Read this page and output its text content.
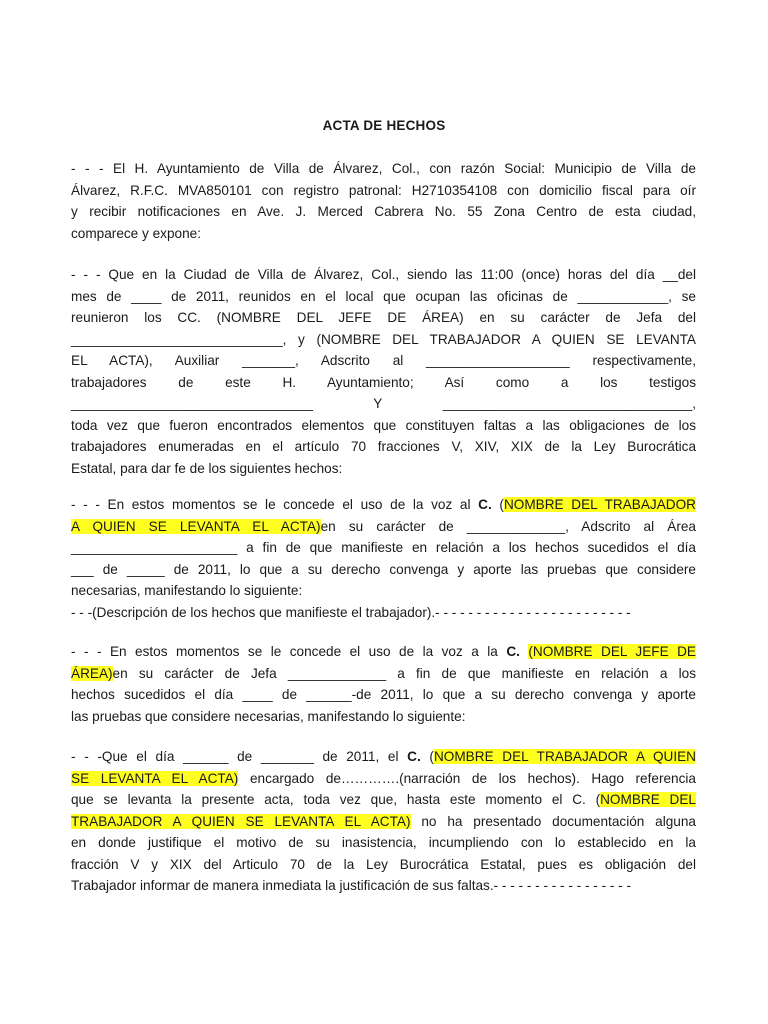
ACTA DE HECHOS
- - - El H. Ayuntamiento de Villa de Álvarez, Col., con razón Social: Municipio de Villa de
Álvarez, R.F.C. MVA850101 con registro patronal: H2710354108 con domicilio fiscal para oír
y recibir notificaciones en Ave. J. Merced Cabrera No. 55 Zona Centro de esta ciudad,
comparece y expone:
- - - Que en la Ciudad de Villa de Álvarez, Col., siendo las 11:00 (once) horas del día __del
mes de ____ de 2011, reunidos en el local que ocupan las oficinas de ____________, se
reunieron los CC. (NOMBRE DEL JEFE DE ÁREA) en su carácter de Jefa del
____________________________, y (NOMBRE DEL TRABAJADOR A QUIEN SE LEVANTA
EL ACTA), Auxiliar _______, Adscrito al ___________________ respectivamente,
trabajadores de este H. Ayuntamiento; Así como a los testigos
________________________________ Y _________________________________,
toda vez que fueron encontrados elementos que constituyen faltas a las obligaciones de los
trabajadores enumeradas en el artículo 70 fracciones V, XIV, XIX de la Ley Burocrática
Estatal, para dar fe de los siguientes hechos:
- - - En estos momentos se le concede el uso de la voz al C. (NOMBRE DEL TRABAJADOR
A QUIEN SE LEVANTA EL ACTA)en su carácter de _____________, Adscrito al Área
______________________ a fin de que manifieste en relación a los hechos sucedidos el día
___ de _____ de 2011, lo que a su derecho convenga y aporte las pruebas que considere
necesarias, manifestando lo siguiente:
- - -(Descripción de los hechos que manifieste el trabajador).- - - - - - - - - - - - - - - - - - - - - - - -
- - - En estos momentos se le concede el uso de la voz a la C. (NOMBRE DEL JEFE DE
ÁREA)en su carácter de Jefa _____________ a fin de que manifieste en relación a los
hechos sucedidos el día ____ de ______-de 2011, lo que a su derecho convenga y aporte
las pruebas que considere necesarias, manifestando lo siguiente:
- - -Que el día ______ de _______ de 2011, el C. (NOMBRE DEL TRABAJADOR A QUIEN
SE LEVANTA EL ACTA) encargado de………….(narración de los hechos). Hago referencia
que se levanta la presente acta, toda vez que, hasta este momento el C. (NOMBRE DEL
TRABAJADOR A QUIEN SE LEVANTA EL ACTA) no ha presentado documentación alguna
en donde justifique el motivo de su inasistencia, incumpliendo con lo establecido en la
fracción V y XIX del Articulo 70 de la Ley Burocrática Estatal, pues es obligación del
Trabajador informar de manera inmediata la justificación de sus faltas.- - - - - - - - - - - - - - - - -
